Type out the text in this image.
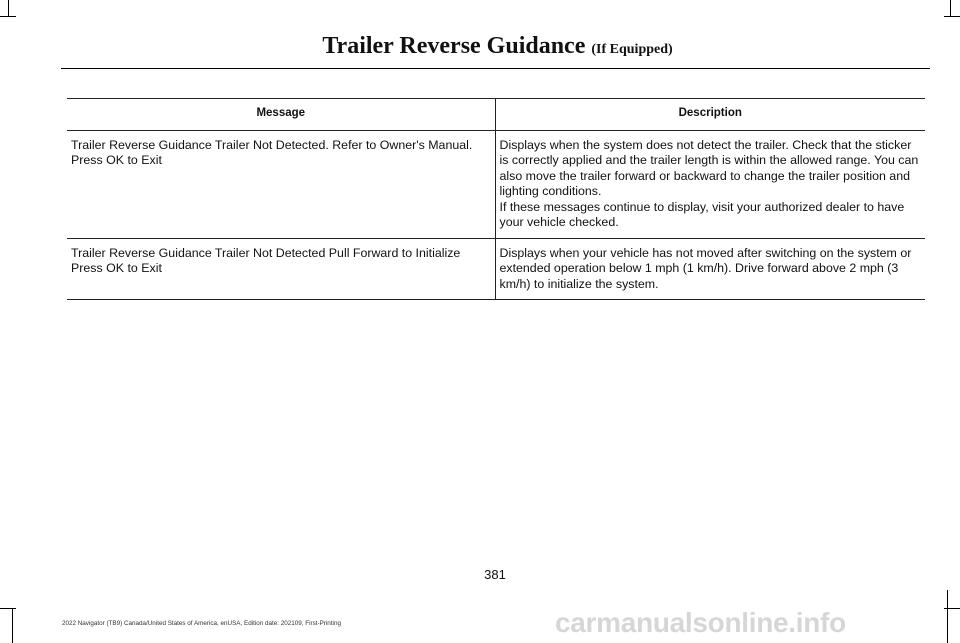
Trailer Reverse Guidance (If Equipped)
Message	Description
Trailer Reverse Guidance Trailer Not Detected. Refer to Owner's Manual. Press OK to Exit	Displays when the system does not detect the trailer. Check that the sticker is correctly applied and the trailer length is within the allowed range. You can also move the trailer forward or backward to change the trailer position and lighting conditions.

If these messages continue to display, visit your authorized dealer to have your vehicle checked.

Trailer Reverse Guidance Trailer Not Detected Pull Forward to Initialize Press OK to Exit	Displays when your vehicle has not moved after switching on the system or extended operation below 1 mph (1 km/h). Drive forward above 2 mph (3 km/h) to initialize the system.

381
2022 Navigator (TB9) Canada/United States of America, enUSA, Edition date: 202109, First-Printing	carmanualsonline.info
